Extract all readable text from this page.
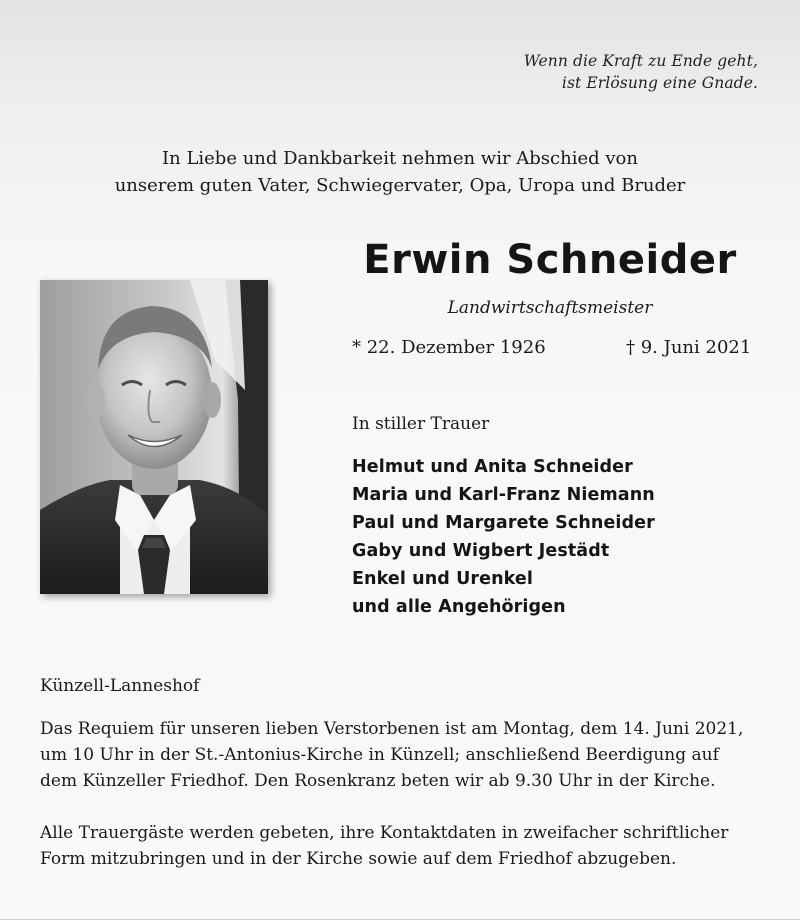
Wenn die Kraft zu Ende geht,
ist Erlösung eine Gnade.
In Liebe und Dankbarkeit nehmen wir Abschied von
unserem guten Vater, Schwiegervater, Opa, Uropa und Bruder
Erwin Schneider
Landwirtschaftsmeister
* 22. Dezember 1926	† 9. Juni 2021
In stiller Trauer
Helmut und Anita Schneider
Maria und Karl-Franz Niemann
Paul und Margarete Schneider
Gaby und Wigbert Jestädt
Enkel und Urenkel
und alle Angehörigen
Künzell-Lanneshof
Das Requiem für unseren lieben Verstorbenen ist am Montag, dem 14. Juni 2021,
um 10 Uhr in der St.-Antonius-Kirche in Künzell; anschließend Beerdigung auf
dem Künzeller Friedhof. Den Rosenkranz beten wir ab 9.30 Uhr in der Kirche.
Alle Trauergäste werden gebeten, ihre Kontaktdaten in zweifacher schriftlicher
Form mitzubringen und in der Kirche sowie auf dem Friedhof abzugeben.
